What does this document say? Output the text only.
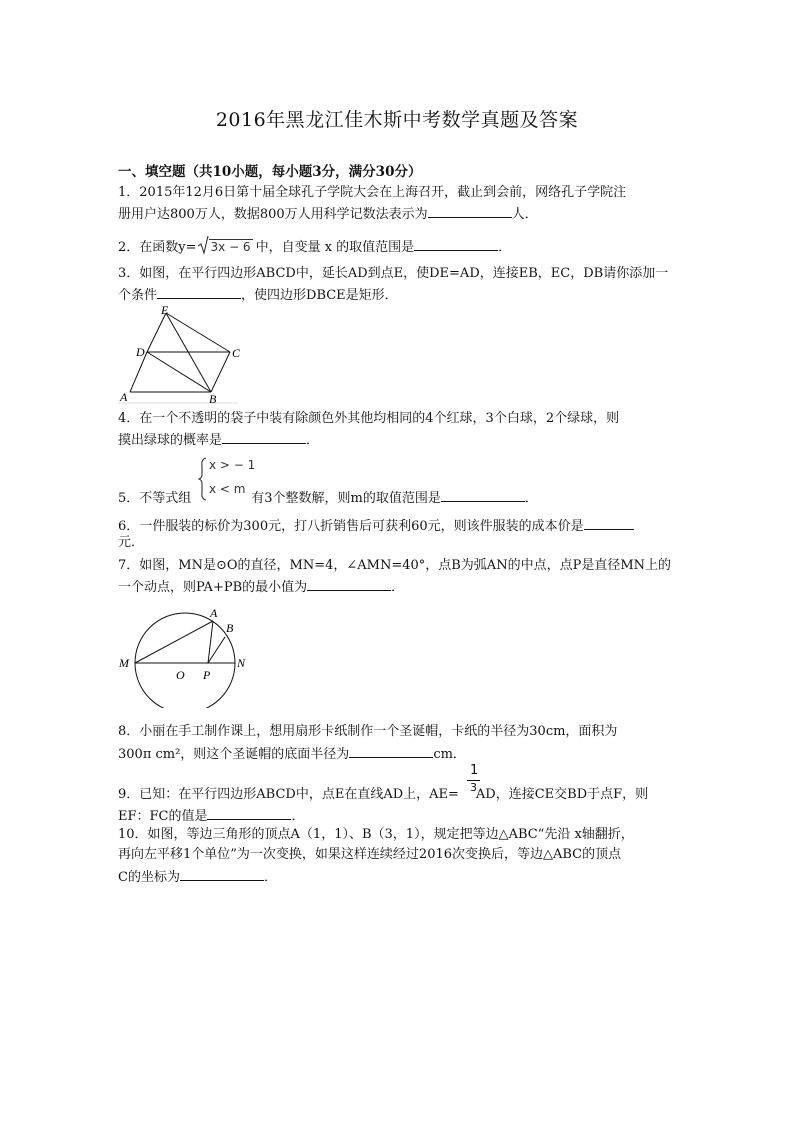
2016年黑龙江佳木斯中考数学真题及答案
一、填空题（共10小题，每小题3分，满分30分）
1．2015年12月6日第十届全球孔子学院大会在上海召开，截止到会前，网络孔子学院注
册用户达800万人，数据800万人用科学记数法表示为	人．
2．在函数y= 3x − 6 中，自变量 x 的取值范围是	．
3．如图，在平行四边形ABCD中，延长AD到点E，使DE=AD，连接EB，EC，DB请你添加一
个条件	，使四边形DBCE是矩形．
E
D	C
A	B
4．在一个不透明的袋子中装有除颜色外其他均相同的4个红球，3个白球，2个绿球，则
摸出绿球的概率是	．
x > − 1
x < m
5．不等式组	有3个整数解，则m的取值范围是	．
6．一件服装的标价为300元，打八折销售后可获利60元，则该件服装的成本价是
元．
7．如图，MN是⊙O的直径，MN=4，∠AMN=40°，点B为弧AN的中点，点P是直径MN上的
一个动点，则PA+PB的最小值为	．
A
B
M
O P
N
8．小丽在手工制作课上，想用扇形卡纸制作一个圣诞帽，卡纸的半径为30cm，面积为
300π cm²，则这个圣诞帽的底面半径为	cm．
1
3
9．已知：在平行四边形ABCD中，点E在直线AD上，AE= AD，连接CE交BD于点F，则
EF：FC的值是	．
10．如图，等边三角形的顶点A（1，1）、B（3，1），规定把等边△ABC“先沿 x轴翻折，
再向左平移1个单位”为一次变换，如果这样连续经过2016次变换后，等边△ABC的顶点
C的坐标为	．
